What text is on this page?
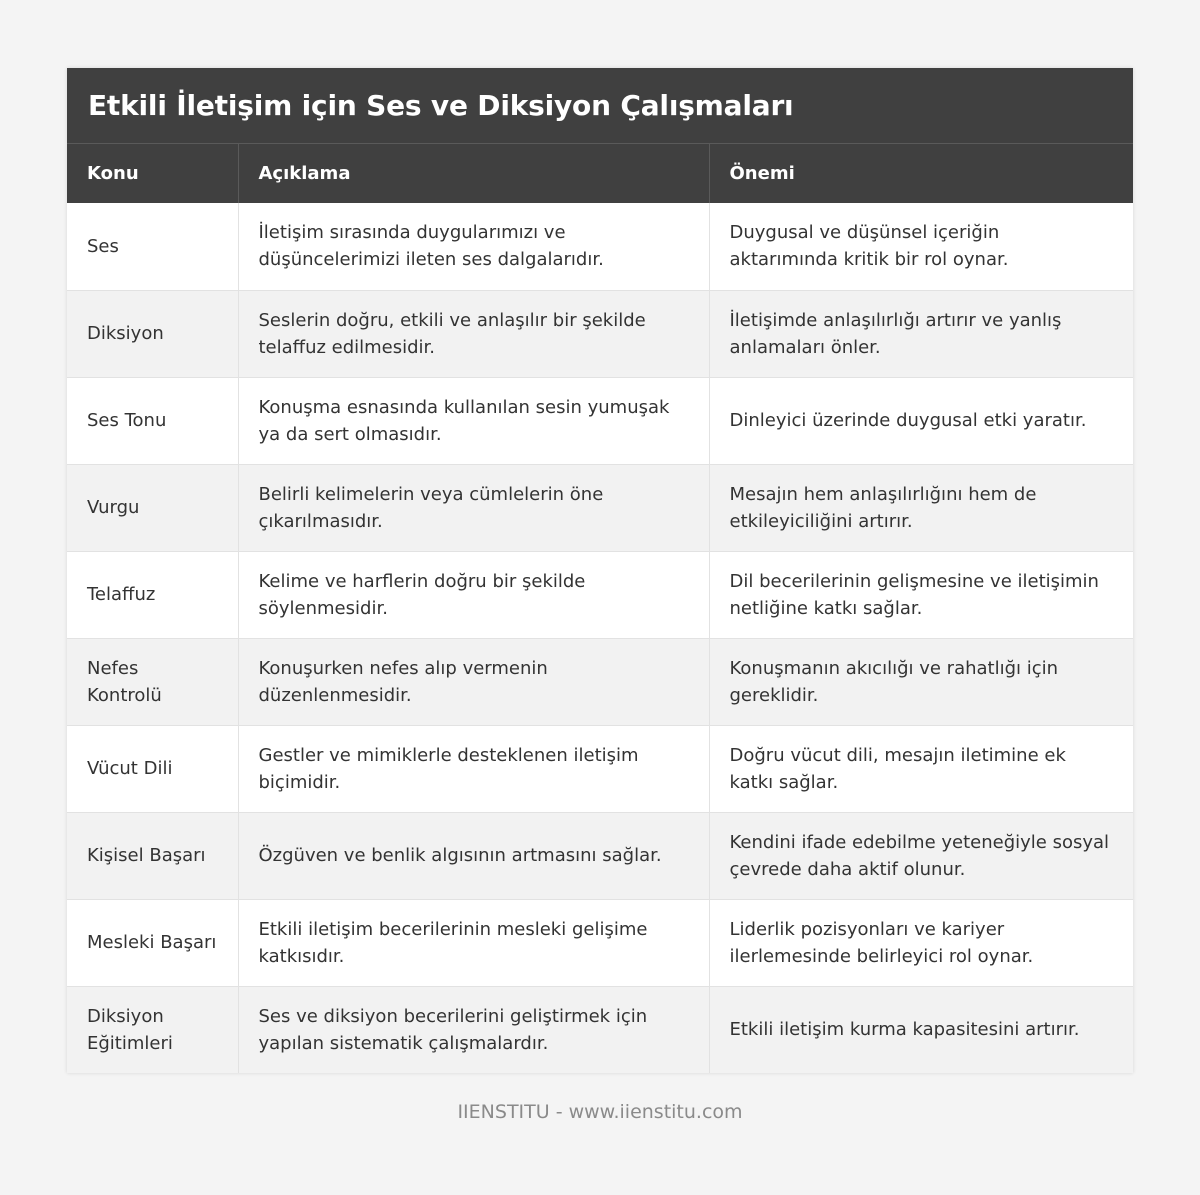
Etkili İletişim için Ses ve Diksiyon Çalışmaları
Konu	Açıklama	Önemi
Ses	İletişim sırasında duygularımızı ve düşüncelerimizi ileten ses dalgalarıdır.	Duygusal ve düşünsel içeriğin aktarımında kritik bir rol oynar.
Diksiyon	Seslerin doğru, etkili ve anlaşılır bir şekilde telaffuz edilmesidir.	İletişimde anlaşılırlığı artırır ve yanlış anlamaları önler.
Ses Tonu	Konuşma esnasında kullanılan sesin yumuşak ya da sert olmasıdır.	Dinleyici üzerinde duygusal etki yaratır.
Vurgu	Belirli kelimelerin veya cümlelerin öne çıkarılmasıdır.	Mesajın hem anlaşılırlığını hem de etkileyiciliğini artırır.
Telaffuz	Kelime ve harflerin doğru bir şekilde söylenmesidir.	Dil becerilerinin gelişmesine ve iletişimin netliğine katkı sağlar.
Nefes Kontrolü	Konuşurken nefes alıp vermenin düzenlenmesidir.	Konuşmanın akıcılığı ve rahatlığı için gereklidir.
Vücut Dili	Gestler ve mimiklerle desteklenen iletişim biçimidir.	Doğru vücut dili, mesajın iletimine ek katkı sağlar.
Kişisel Başarı	Özgüven ve benlik algısının artmasını sağlar.	Kendini ifade edebilme yeteneğiyle sosyal çevrede daha aktif olunur.
Mesleki Başarı	Etkili iletişim becerilerinin mesleki gelişime katkısıdır.	Liderlik pozisyonları ve kariyer ilerlemesinde belirleyici rol oynar.
Diksiyon Eğitimleri	Ses ve diksiyon becerilerini geliştirmek için yapılan sistematik çalışmalardır.	Etkili iletişim kurma kapasitesini artırır.
IIENSTITU - www.iienstitu.com
